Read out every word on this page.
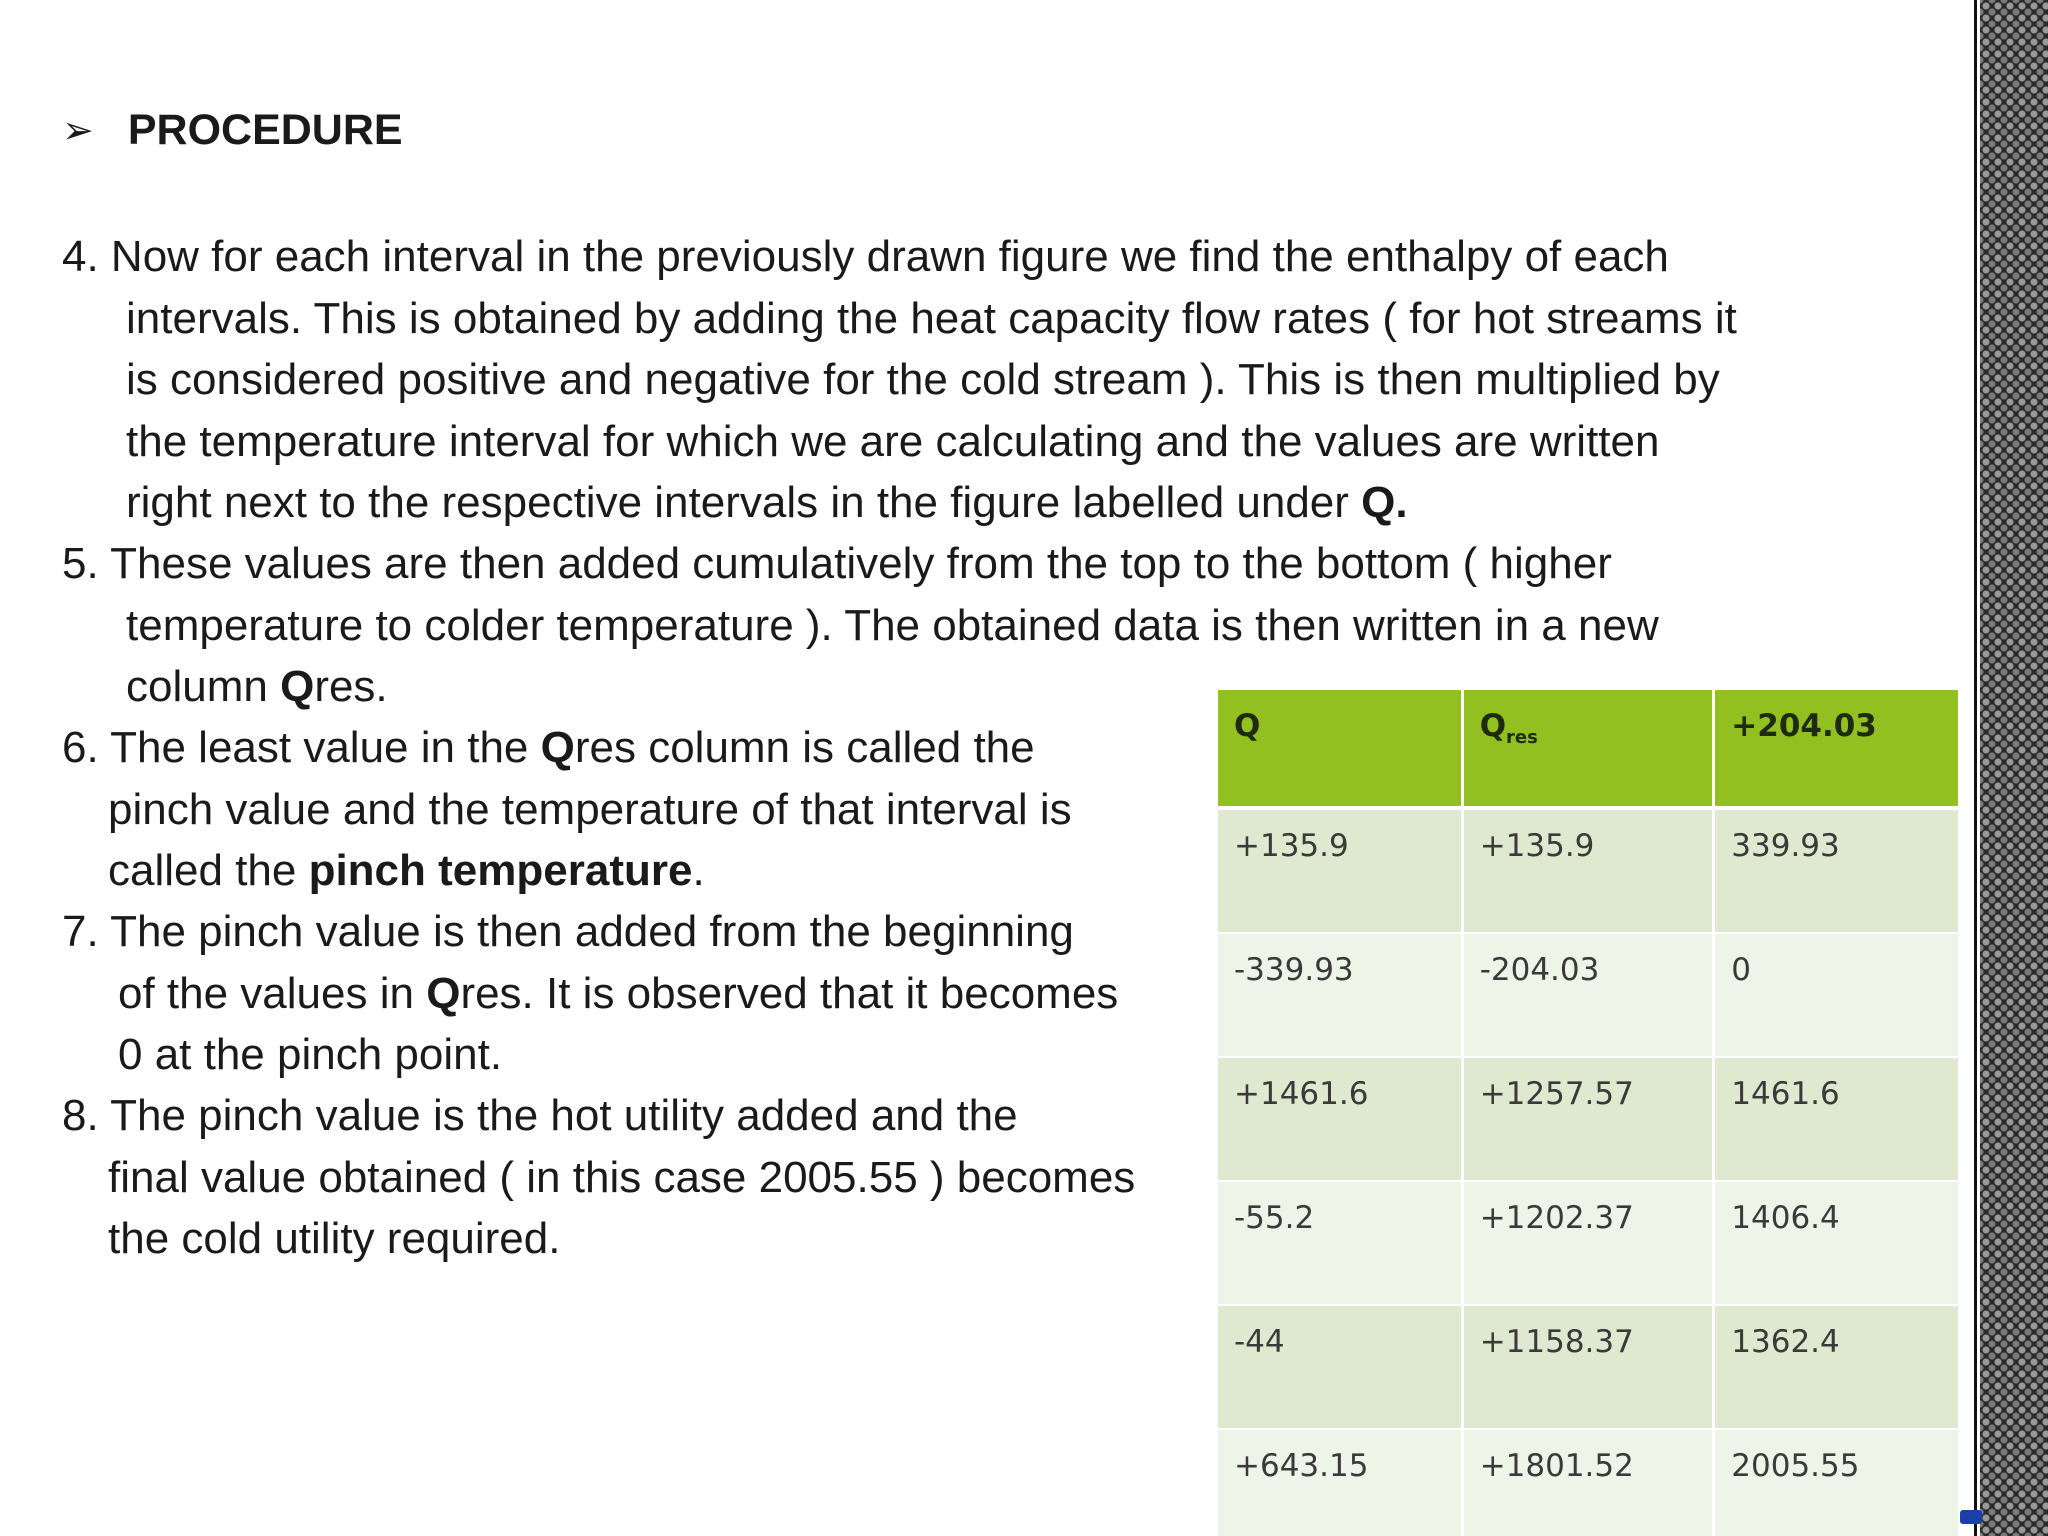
➢ PROCEDURE
4. Now for each interval in the previously drawn figure we find the enthalpy of each
intervals. This is obtained by adding the heat capacity flow rates ( for hot streams it
is considered positive and negative for the cold stream ). This is then multiplied by
the temperature interval for which we are calculating and the values are written
right next to the respective intervals in the figure labelled under Q.
5. These values are then added cumulatively from the top to the bottom ( higher
temperature to colder temperature ). The obtained data is then written in a new
column Qres.
6. The least value in the Qres column is called the
pinch value and the temperature of that interval is
called the pinch temperature.
7. The pinch value is then added from the beginning
of the values in Qres. It is observed that it becomes
0 at the pinch point.
8. The pinch value is the hot utility added and the
final value obtained ( in this case 2005.55 ) becomes
the cold utility required.
Q	$Q_{res}$	+204.03
+135.9	+135.9	339.93
-339.93	-204.03	0
+1461.6	+1257.57	1461.6
-55.2	+1202.37	1406.4
-44	+1158.37	1362.4
+643.15	+1801.52	2005.55
